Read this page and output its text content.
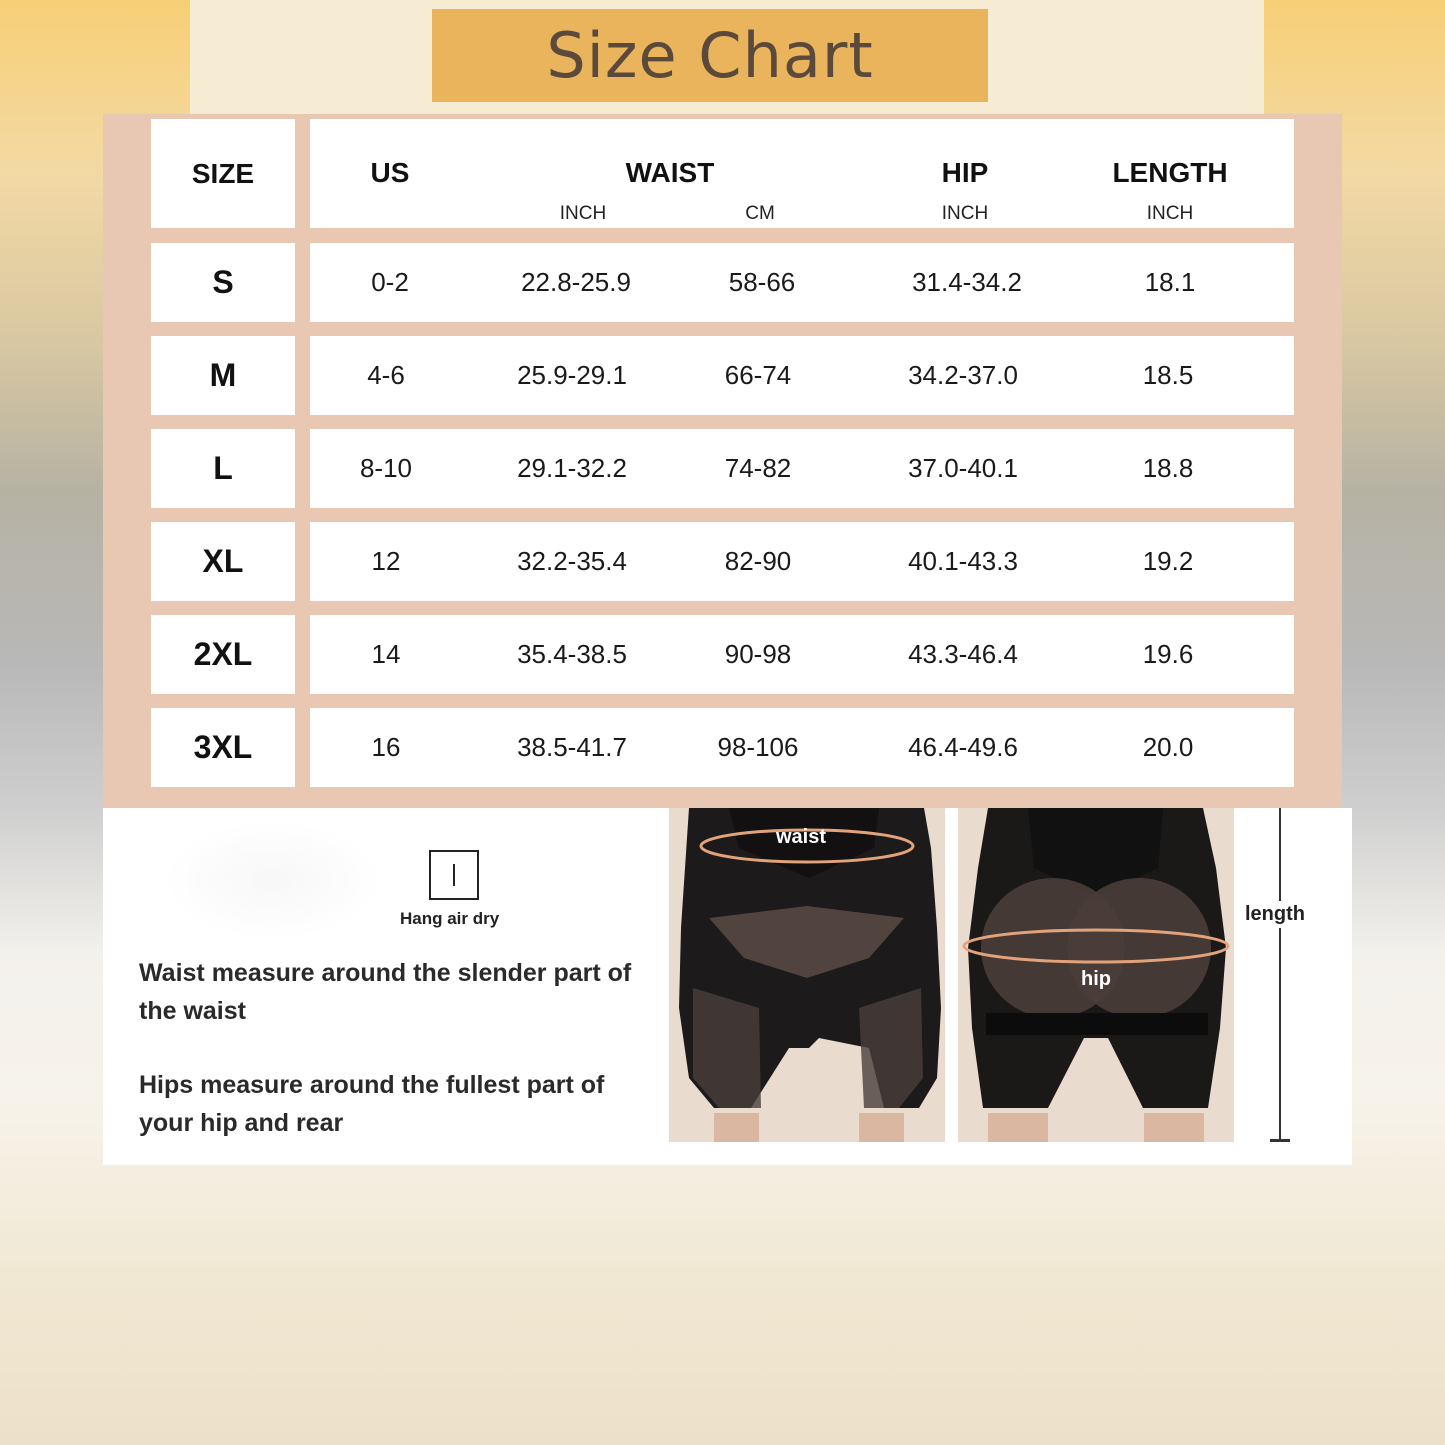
Size Chart
SIZE	US	WAIST	HIP	LENGTH
INCH	CM	INCH	INCH
S	0-2	22.8-25.9	58-66	31.4-34.2	18.1
M	4-6	25.9-29.1	66-74	34.2-37.0	18.5
L	8-10	29.1-32.2	74-82	37.0-40.1	18.8
XL	12	32.2-35.4	82-90	40.1-43.3	19.2
2XL	14	35.4-38.5	90-98	43.3-46.4	19.6
3XL	16	38.5-41.7	98-106	46.4-49.6	20.0
Hang air dry
Waist measure around the slender part of the waist
Hips measure around the fullest part of your hip and rear
waist
hip
length
